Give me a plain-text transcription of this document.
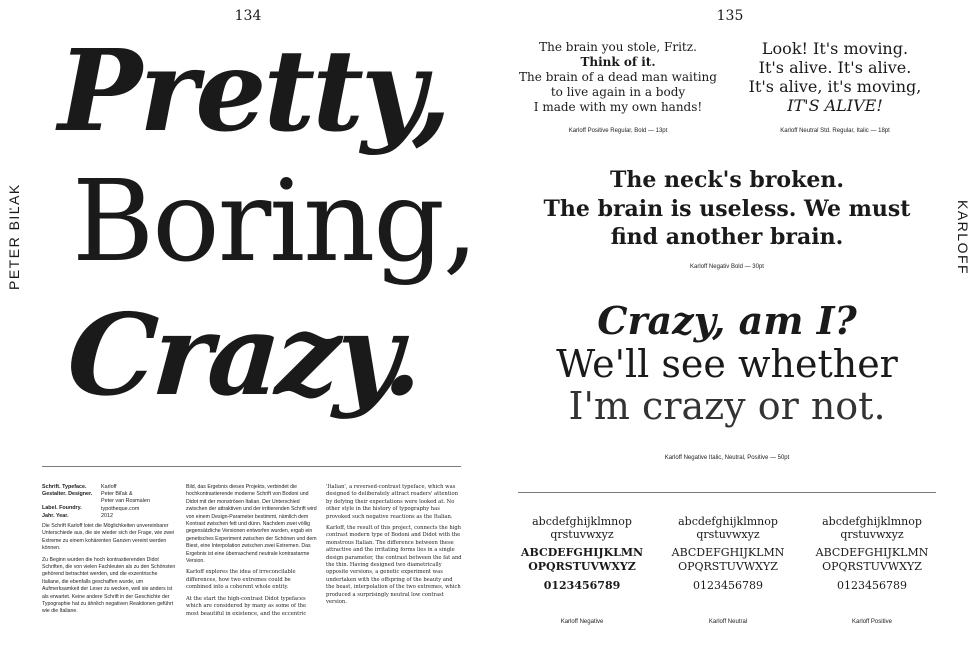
134
PETER BIĽAK
Pretty,
Boring,
Crazy.
Schrift. Typeface.
Gestalter. Designer.
Label. Foundry.
Jahr. Year.
Karloff
Peter Biľak &
Peter van Rosmalen
typotheque.com
2012

Die Schrift Karloff lotet die Möglichkeiten unvereinbarer Unterschiede aus, die sie wieder sich der Frage, wie zwei Extreme zu einem kohärenten Ganzen vereint werden können.

Zu Beginn wurden die hoch kontrastierenden Didot Schriften, die von vielen Fachleuten als zu den Schönsten gehörend betrachtet werden, und die exzentrische Italiane, die ebenfalls geschaffen wurde, um Aufmerksamkeit der Leser zu wecken, weil sie anders ist als erwartet. Keine andere Schrift in der Geschichte der Typographie hat zu ähnlich negativen Reaktionen geführt wie die Italiane.

Bild, das Ergebnis dieses Projekts, verbindet die hochkontrastierende moderne Schrift von Bodoni und Didot mit der monströsen Italian. Der Unterschied zwischen der attraktiven und der irritierenden Schrift wird von einem Design-Parameter bestimmt, nämlich dem Kontrast zwischen fett und dünn. Nachdem zwei völlig gegensätzliche Versionen entworfen wurden, ergab ein genetisches Experiment zwischen der Schönen und dem Biest, eine Interpolation zwischen zwei Extremen. Das Ergebnis ist eine überraschend neutrale kontrastarme Version.

Karloff explores the idea of irreconcilable differences, how two extremes could be combined into a coherent whole entity.

At the start the high-contrast Didot typefaces which are considered by many as some of the most beautiful in existence, and the eccentric

'Italian', a reversed-contrast typeface, which was designed to deliberately attract readers' attention by defying their expectations were looked at. No other style in the history of typography has provoked such negative reactions as the Italian.

Karloff, the result of this project, connects the high contrast modern type of Bodoni and Didot with the monstrous Italian. The difference between these attractive and the irritating forms lies in a single design parameter, the contrast between the fat and the thin. Having designed two diametrically opposite versions, a genetic experiment was undertaken with the offspring of the beauty and the beast, interpolation of the two extremes, which produced a surprisingly neutral low contrast version.

135
KARLOFF
The brain you stole, Fritz.
Think of it.
The brain of a dead man waiting
to live again in a body
I made with my own hands!
Karloff Positive Regular, Bold — 13pt
Look! It's moving.
It's alive. It's alive.
It's alive, it's moving,
IT'S ALIVE!
Karloff Neutral Std. Regular, Italic — 18pt
The neck's broken.
The brain is useless. We must
find another brain.
Karloff Negativ Bold — 30pt
Crazy, am I?
We'll see whether
I'm crazy or not.
Karloff Negative Italic, Neutral, Positive — 50pt
abcdefghijklmnop
qrstuvwxyz
ABCDEFGHIJKLMN
OPQRSTUVWXYZ
0123456789
Karloff Negative
abcdefghijklmnop
qrstuvwxyz
ABCDEFGHIJKLMN
OPQRSTUVWXYZ
0123456789
Karloff Neutral
abcdefghijklmnop
qrstuvwxyz
ABCDEFGHIJKLMN
OPQRSTUVWXYZ
0123456789
Karloff Positive
